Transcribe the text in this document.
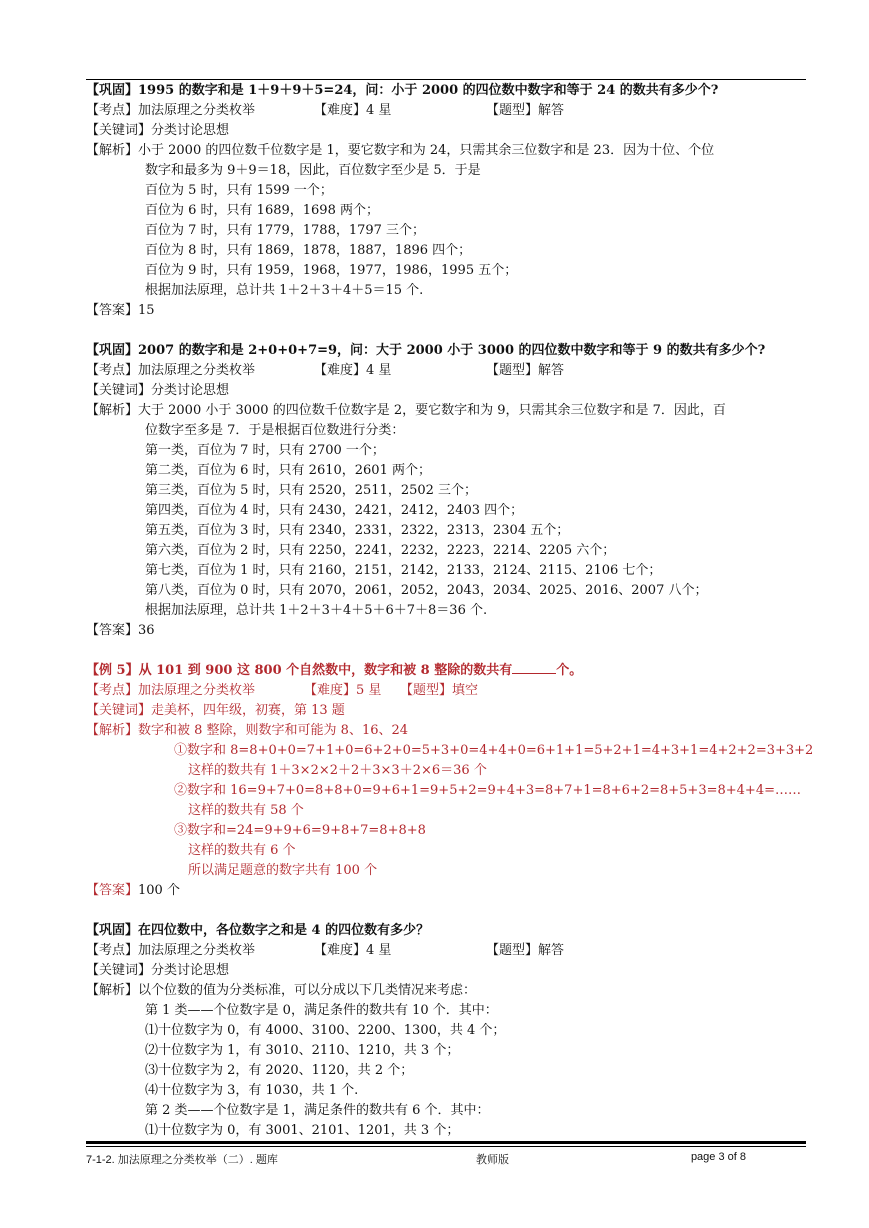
【巩固】1995 的数字和是 1＋9＋9＋5=24，问：小于 2000 的四位数中数字和等于 24 的数共有多少个?
【考点】加法原理之分类枚举	【难度】4 星	【题型】解答
【关键词】分类讨论思想
【解析】小于 2000 的四位数千位数字是 1，要它数字和为 24，只需其余三位数字和是 23．因为十位、个位
数字和最多为 9＋9＝18，因此，百位数字至少是 5．于是
百位为 5 时，只有 1599 一个；
百位为 6 时，只有 1689，1698 两个；
百位为 7 时，只有 1779，1788，1797 三个；
百位为 8 时，只有 1869，1878，1887，1896 四个；
百位为 9 时，只有 1959，1968，1977，1986，1995 五个；
根据加法原理，总计共 1＋2＋3＋4＋5＝15 个.
【答案】15
【巩固】2007 的数字和是 2+0+0+7=9，问：大于 2000 小于 3000 的四位数中数字和等于 9 的数共有多少个?
【考点】加法原理之分类枚举	【难度】4 星	【题型】解答
【关键词】分类讨论思想
【解析】大于 2000 小于 3000 的四位数千位数字是 2，要它数字和为 9，只需其余三位数字和是 7．因此，百
位数字至多是 7．于是根据百位数进行分类：
第一类，百位为 7 时，只有 2700 一个；
第二类，百位为 6 时，只有 2610，2601 两个；
第三类，百位为 5 时，只有 2520，2511，2502 三个；
第四类，百位为 4 时，只有 2430，2421，2412，2403 四个；
第五类，百位为 3 时，只有 2340，2331，2322，2313，2304 五个；
第六类，百位为 2 时，只有 2250，2241，2232，2223，2214、2205 六个；
第七类，百位为 1 时，只有 2160，2151，2142，2133，2124、2115、2106 七个；
第八类，百位为 0 时，只有 2070，2061，2052，2043，2034、2025、2016、2007 八个；
根据加法原理，总计共 1＋2＋3＋4＋5＋6＋7＋8＝36 个.
【答案】36
【例 5】从 101 到 900 这 800 个自然数中，数字和被 8 整除的数共有	个。
【考点】加法原理之分类枚举	【难度】5 星 【题型】填空
【关键词】走美杯，四年级，初赛，第 13 题
【解析】数字和被 8 整除，则数字和可能为 8、16、24
①数字和 8=8+0+0=7+1+0=6+2+0=5+3+0=4+4+0=6+1+1=5+2+1=4+3+1=4+2+2=3+3+2
这样的数共有 1＋3×2×2＋2＋3×3＋2×6＝36 个
②数字和 16=9+7+0=8+8+0=9+6+1=9+5+2=9+4+3=8+7+1=8+6+2=8+5+3=8+4+4=……
这样的数共有 58 个
③数字和=24=9+9+6=9+8+7=8+8+8
这样的数共有 6 个
所以满足题意的数字共有 100 个
【答案】100 个
【巩固】在四位数中，各位数字之和是 4 的四位数有多少？
【考点】加法原理之分类枚举	【难度】4 星	【题型】解答
【关键词】分类讨论思想
【解析】以个位数的值为分类标准，可以分成以下几类情况来考虑：
第 1 类——个位数字是 0，满足条件的数共有 10 个．其中：
⑴十位数字为 0，有 4000、3100、2200、1300，共 4 个；
⑵十位数字为 1，有 3010、2110、1210，共 3 个；
⑶十位数字为 2，有 2020、1120，共 2 个；
⑷十位数字为 3，有 1030，共 1 个.
第 2 类——个位数字是 1，满足条件的数共有 6 个．其中：
⑴十位数字为 0，有 3001、2101、1201，共 3 个；
7-1-2. 加法原理之分类枚举（二）. 题库	教师版	page 3 of 8
